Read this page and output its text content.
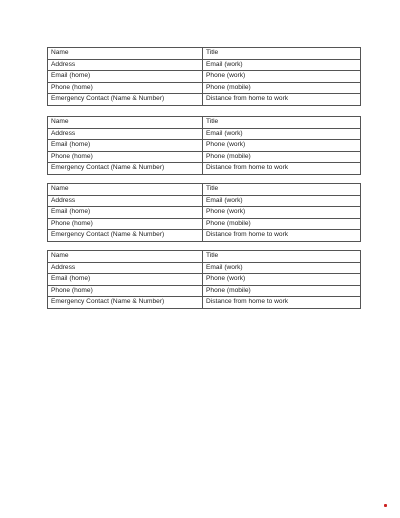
Name	Title
Address	Email (work)
Email (home)	Phone (work)
Phone (home)	Phone (mobile)
Emergency Contact (Name & Number)	Distance from home to work
Name	Title
Address	Email (work)
Email (home)	Phone (work)
Phone (home)	Phone (mobile)
Emergency Contact (Name & Number)	Distance from home to work
Name	Title
Address	Email (work)
Email (home)	Phone (work)
Phone (home)	Phone (mobile)
Emergency Contact (Name & Number)	Distance from home to work
Name	Title
Address	Email (work)
Email (home)	Phone (work)
Phone (home)	Phone (mobile)
Emergency Contact (Name & Number)	Distance from home to work
